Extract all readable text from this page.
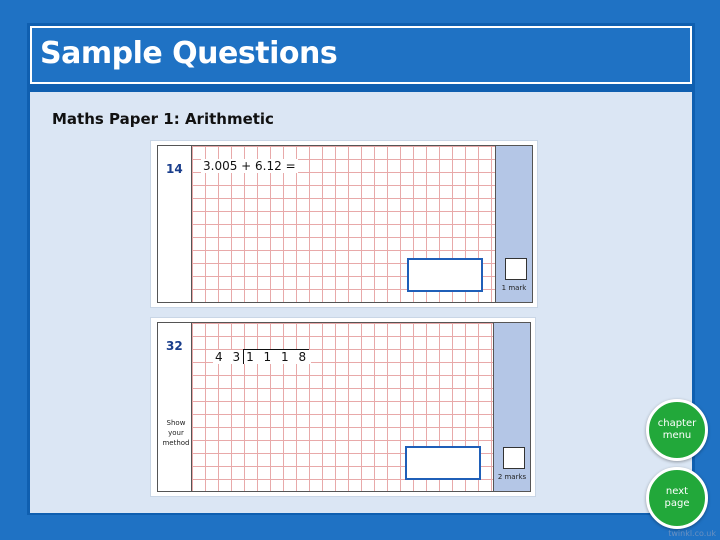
Sample Questions
Maths Paper 1: Arithmetic
14 3.005 + 6.12 =
1 mark
32
Show your method
4 3 1 1 1 8
2 marks
chapter menu
next page
twinkl.co.uk
